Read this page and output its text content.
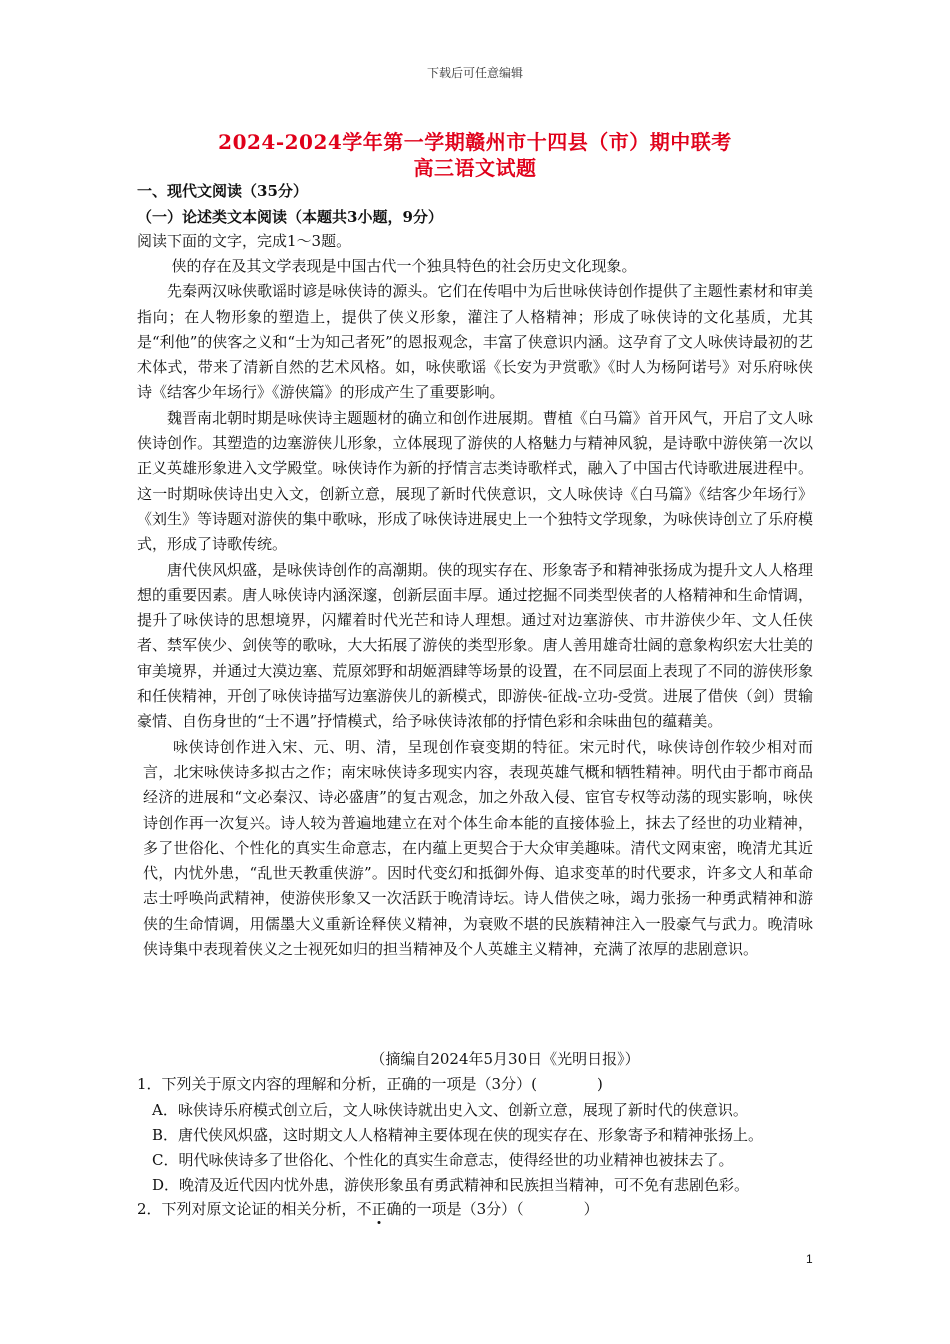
下载后可任意编辑
2024-2024学年第一学期赣州市十四县（市）期中联考
高三语文试题
一、现代文阅读（35分）
（一）论述类文本阅读（本题共3小题，9分）
阅读下面的文字，完成1～3题。

侠的存在及其文学表现是中国古代一个独具特色的社会历史文化现象。

先秦两汉咏侠歌谣时谚是咏侠诗的源头。它们在传唱中为后世咏侠诗创作提供了主题性素材和审美指向；在人物形象的塑造上，提供了侠义形象，灌注了人格精神；形成了咏侠诗的文化基质，尤其是“利他”的侠客之义和“士为知己者死”的恩报观念，丰富了侠意识内涵。这孕育了文人咏侠诗最初的艺术体式，带来了清新自然的艺术风格。如，咏侠歌谣《长安为尹赏歌》《时人为杨阿诺号》对乐府咏侠诗《结客少年场行》《游侠篇》的形成产生了重要影响。

魏晋南北朝时期是咏侠诗主题题材的确立和创作进展期。曹植《白马篇》首开风气，开启了文人咏侠诗创作。其塑造的边塞游侠儿形象，立体展现了游侠的人格魅力与精神风貌，是诗歌中游侠第一次以正义英雄形象进入文学殿堂。咏侠诗作为新的抒情言志类诗歌样式，融入了中国古代诗歌进展进程中。这一时期咏侠诗出史入文，创新立意，展现了新时代侠意识，文人咏侠诗《白马篇》《结客少年场行》《刘生》等诗题对游侠的集中歌咏，形成了咏侠诗进展史上一个独特文学现象，为咏侠诗创立了乐府模式，形成了诗歌传统。

唐代侠风炽盛，是咏侠诗创作的高潮期。侠的现实存在、形象寄予和精神张扬成为提升文人人格理想的重要因素。唐人咏侠诗内涵深邃，创新层面丰厚。通过挖掘不同类型侠者的人格精神和生命情调，提升了咏侠诗的思想境界，闪耀着时代光芒和诗人理想。通过对边塞游侠、市井游侠少年、文人任侠者、禁军侠少、剑侠等的歌咏，大大拓展了游侠的类型形象。唐人善用雄奇壮阔的意象构织宏大壮美的审美境界，并通过大漠边塞、荒原郊野和胡姬酒肆等场景的设置，在不同层面上表现了不同的游侠形象和任侠精神，开创了咏侠诗描写边塞游侠儿的新模式，即游侠-征战-立功-受赏。进展了借侠（剑）贯输豪情、自伤身世的“士不遇”抒情模式，给予咏侠诗浓郁的抒情色彩和余味曲包的蕴藉美。

咏侠诗创作进入宋、元、明、清，呈现创作衰变期的特征。宋元时代，咏侠诗创作较少相对而言，北宋咏侠诗多拟古之作；南宋咏侠诗多现实内容，表现英雄气概和牺牲精神。明代由于都市商品经济的进展和“文必秦汉、诗必盛唐”的复古观念，加之外敌入侵、宦官专权等动荡的现实影响，咏侠诗创作再一次复兴。诗人较为普遍地建立在对个体生命本能的直接体验上，抹去了经世的功业精神，多了世俗化、个性化的真实生命意志，在内蕴上更契合于大众审美趣味。清代文网束密，晚清尤其近代，内忧外患，“乱世天教重侠游”。因时代变幻和抵御外侮、追求变革的时代要求，许多文人和革命志士呼唤尚武精神，使游侠形象又一次活跃于晚清诗坛。诗人借侠之咏，竭力张扬一种勇武精神和游侠的生命情调，用儒墨大义重新诠释侠义精神，为衰败不堪的民族精神注入一股豪气与武力。晚清咏侠诗集中表现着侠义之士视死如归的担当精神及个人英雄主义精神，充满了浓厚的悲剧意识。

（摘编自2024年5月30日《光明日报》）
1．下列关于原文内容的理解和分析，正确的一项是（3分）(　　　　)
A．咏侠诗乐府模式创立后，文人咏侠诗就出史入文、创新立意，展现了新时代的侠意识。
B．唐代侠风炽盛，这时期文人人格精神主要体现在侠的现实存在、形象寄予和精神张扬上。
C．明代咏侠诗多了世俗化、个性化的真实生命意志，使得经世的功业精神也被抹去了。
D．晚清及近代因内忧外患，游侠形象虽有勇武精神和民族担当精神，可不免有悲剧色彩。
2．下列对原文论证的相关分析，不正确的一项是（3分）（　　　　）
1
